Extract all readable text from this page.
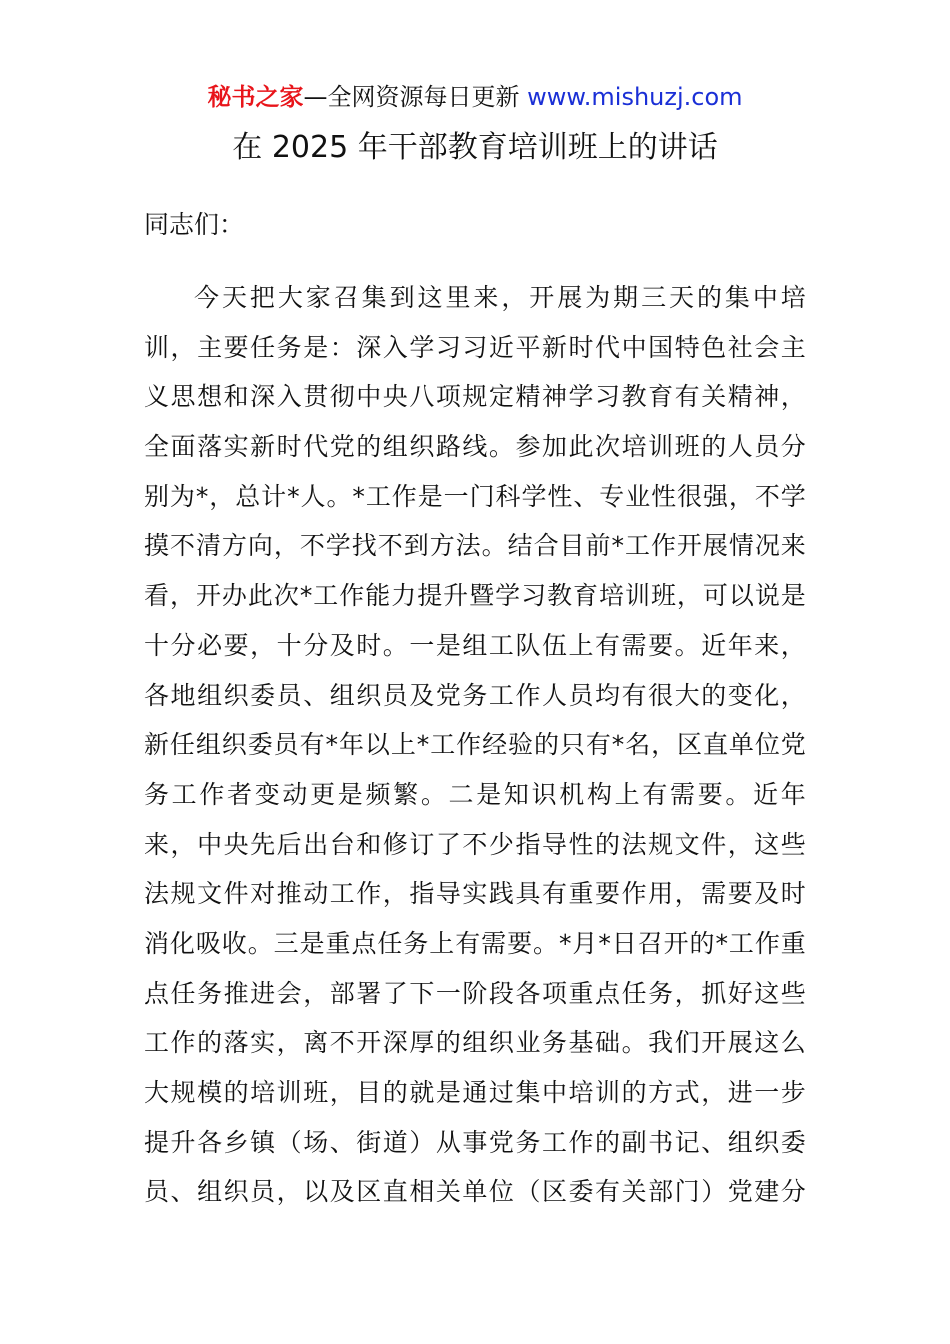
秘书之家—全网资源每日更新 www.mishuzj.com
在 2025 年干部教育培训班上的讲话

同志们：

今天把大家召集到这里来，开展为期三天的集中培
训，主要任务是：深入学习习近平新时代中国特色社会主
义思想和深入贯彻中央八项规定精神学习教育有关精神，
全面落实新时代党的组织路线。参加此次培训班的人员分
别为*，总计*人。*工作是一门科学性、专业性很强，不学
摸不清方向，不学找不到方法。结合目前*工作开展情况来
看，开办此次*工作能力提升暨学习教育培训班，可以说是
十分必要，十分及时。一是组工队伍上有需要。近年来，
各地组织委员、组织员及党务工作人员均有很大的变化，
新任组织委员有*年以上*工作经验的只有*名，区直单位党
务工作者变动更是频繁。二是知识机构上有需要。近年
来，中央先后出台和修订了不少指导性的法规文件，这些
法规文件对推动工作，指导实践具有重要作用，需要及时
消化吸收。三是重点任务上有需要。*月*日召开的*工作重
点任务推进会，部署了下一阶段各项重点任务，抓好这些
工作的落实，离不开深厚的组织业务基础。我们开展这么
大规模的培训班，目的就是通过集中培训的方式，进一步
提升各乡镇（场、街道）从事党务工作的副书记、组织委
员、组织员，以及区直相关单位（区委有关部门）党建分
